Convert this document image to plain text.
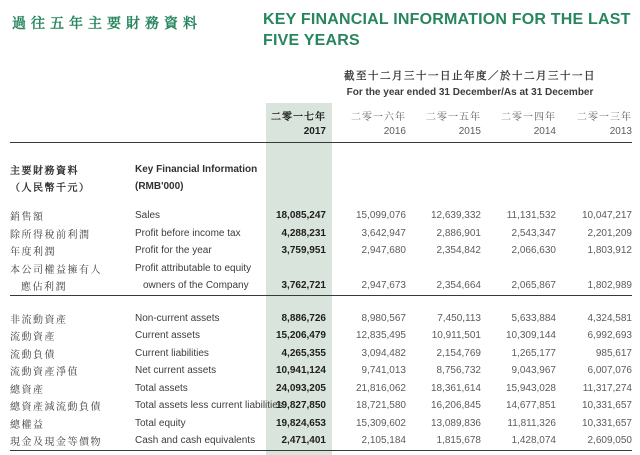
過往五年主要財務資料	KEY FINANCIAL INFORMATION FOR THE LAST
FIVE YEARS
截至十二月三十一日止年度／於十二月三十一日
For the year ended 31 December/As at 31 December
		二零一七年	二零一六年	二零一五年	二零一四年	二零一三年
		2017	2016	2015	2014	2013

主要財務資料	Key Financial Information					
（人民幣千元）	(RMB'000)					

銷售額	Sales	18,085,247	15,099,076	12,639,332	11,131,532	10,047,217
除所得稅前利潤	Profit before income tax	4,288,231	3,642,947	2,886,901	2,543,347	2,201,209
年度利潤	Profit for the year	3,759,951	2,947,680	2,354,842	2,066,630	1,803,912
本公司權益擁有人	Profit attributable to equity					
應佔利潤	owners of the Company	3,762,721	2,947,673	2,354,664	2,065,867	1,802,989

非流動資產	Non-current assets	8,886,726	8,980,567	7,450,113	5,633,884	4,324,581
流動資產	Current assets	15,206,479	12,835,495	10,911,501	10,309,144	6,992,693
流動負債	Current liabilities	4,265,355	3,094,482	2,154,769	1,265,177	985,617
流動資產淨值	Net current assets	10,941,124	9,741,013	8,756,732	9,043,967	6,007,076
總資產	Total assets	24,093,205	21,816,062	18,361,614	15,943,028	11,317,274
總資產減流動負債	Total assets less current liabilities	19,827,850	18,721,580	16,206,845	14,677,851	10,331,657
總權益	Total equity	19,824,653	15,309,602	13,089,836	11,811,326	10,331,657
現金及現金等價物	Cash and cash equivalents	2,471,401	2,105,184	1,815,678	1,428,074	2,609,050
